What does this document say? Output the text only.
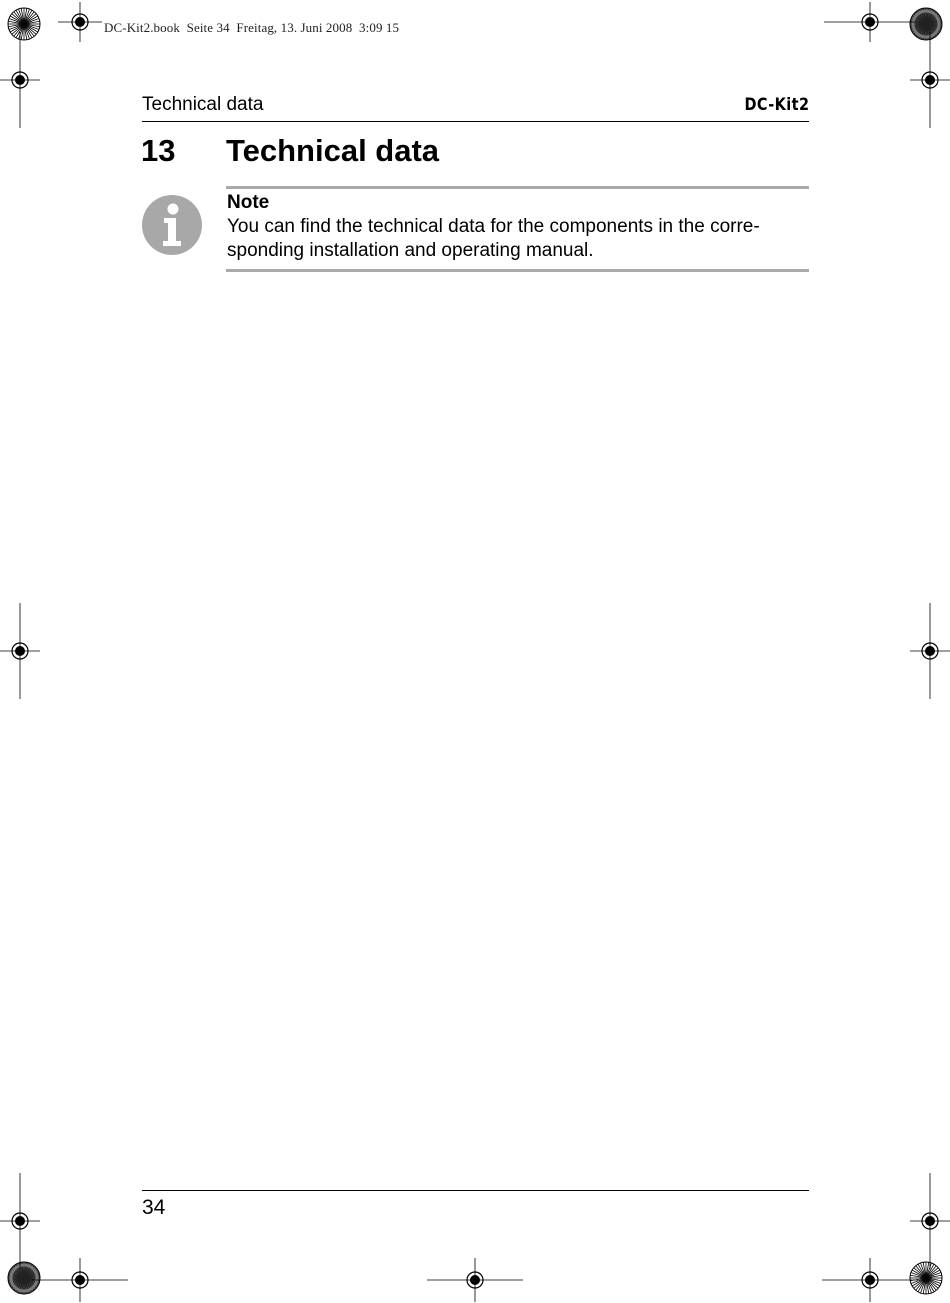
DC-Kit2.book  Seite 34  Freitag, 13. Juni 2008  3:09 15
Technical data	DC-Kit2
13 Technical data
Note
You can find the technical data for the components in the corre-
sponding installation and operating manual.
34
